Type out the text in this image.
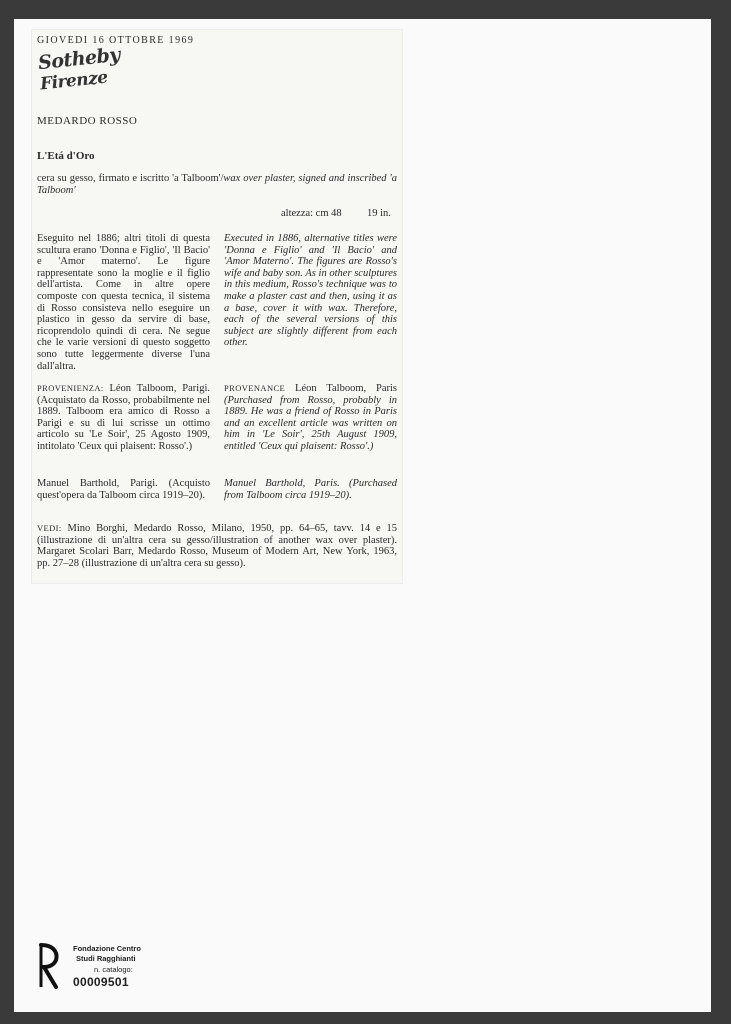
GIOVEDI 16 OTTOBRE 1969
Sotheby
Firenze
MEDARDO ROSSO
L'Etá d'Oro
cera su gesso, firmato e iscritto 'a Talboom'/wax over plaster, signed and inscribed 'a Talboom'
altezza: cm 48 19 in.
Eseguito nel 1886; altri titoli di questa scultura erano 'Donna e Figlio', 'Il Bacio' e 'Amor materno'. Le figure rappresentate sono la moglie e il figlio dell'artista. Come in altre opere composte con questa tecnica, il sistema di Rosso consisteva nello eseguire un plastico in gesso da servire di base, ricoprendolo quindi di cera. Ne segue che le varie versioni di questo soggetto sono tutte leggermente diverse l'una dall'altra.
Executed in 1886, alternative titles were 'Donna e Figlio' and 'Il Bacio' and 'Amor Materno'. The figures are Rosso's wife and baby son. As in other sculptures in this medium, Rosso's technique was to make a plaster cast and then, using it as a base, cover it with wax. Therefore, each of the several versions of this subject are slightly different from each other.
PROVENIENZA: Léon Talboom, Parigi. (Acquistato da Rosso, probabilmente nel 1889. Talboom era amico di Rosso a Parigi e su di lui scrisse un ottimo articolo su 'Le Soir', 25 Agosto 1909, intitolato 'Ceux qui plaisent: Rosso'.)
PROVENANCE Léon Talboom, Paris (Purchased from Rosso, probably in 1889. He was a friend of Rosso in Paris and an excellent article was written on him in 'Le Soir', 25th August 1909, entitled 'Ceux qui plaisent: Rosso'.)
Manuel Barthold, Parigi. (Acquisto quest'opera da Talboom circa 1919–20).
Manuel Barthold, Paris. (Purchased from Talboom circa 1919–20).
VEDI: Mino Borghi, Medardo Rosso, Milano, 1950, pp. 64–65, tavv. 14 e 15 (illustrazione di un'altra cera su gesso/illustration of another wax over plaster). Margaret Scolari Barr, Medardo Rosso, Museum of Modern Art, New York, 1963, pp. 27–28 (illustrazione di un'altra cera su gesso).
Fondazione Centro
Studi Ragghianti
n. catalogo:
00009501
